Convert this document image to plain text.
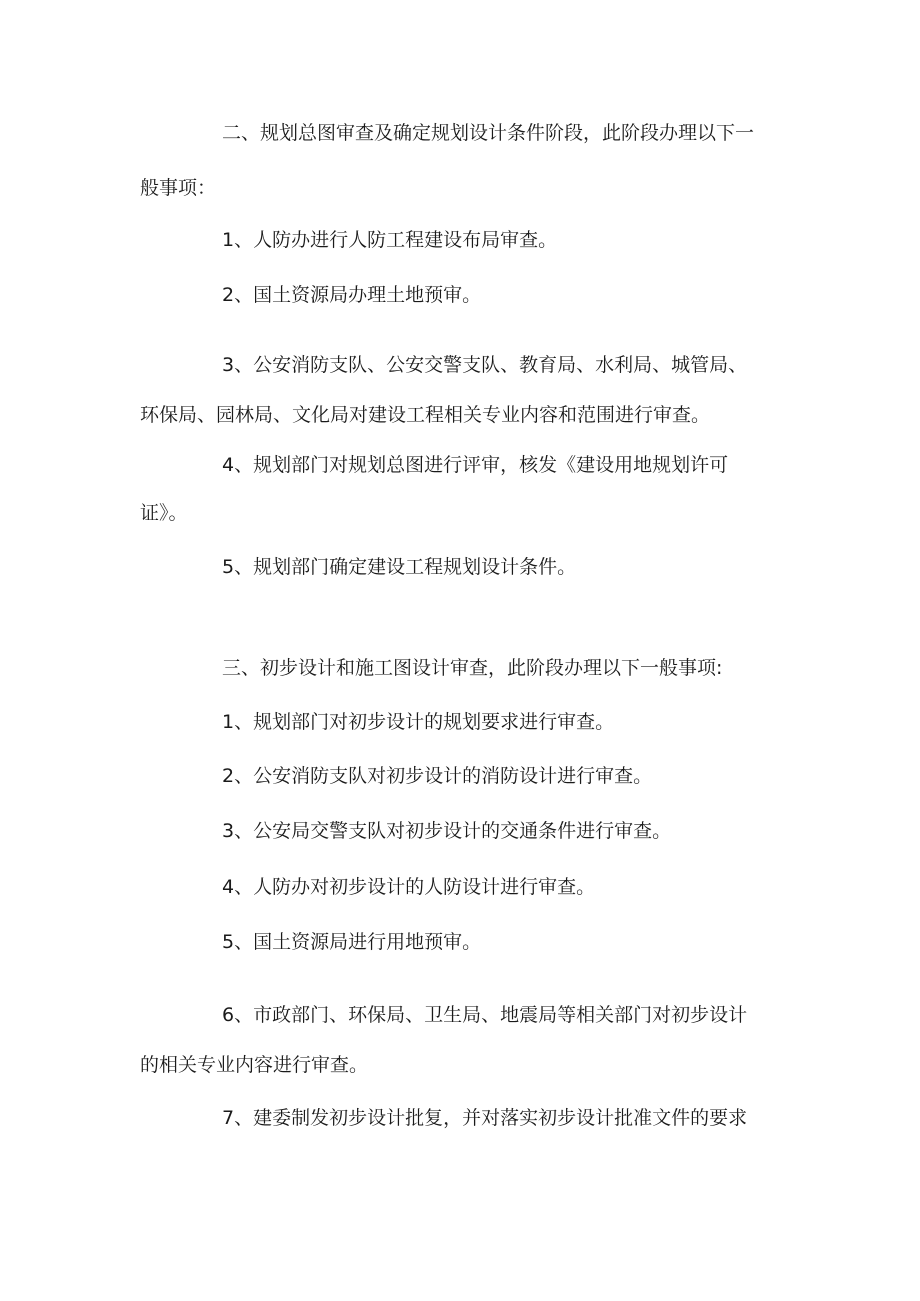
二、规划总图审查及确定规划设计条件阶段，此阶段办理以下一

般事项：

1、人防办进行人防工程建设布局审查。

2、国土资源局办理土地预审。

3、公安消防支队、公安交警支队、教育局、水利局、城管局、

环保局、园林局、文化局对建设工程相关专业内容和范围进行审查。

4、规划部门对规划总图进行评审，核发《建设用地规划许可

证》。

5、规划部门确定建设工程规划设计条件。

三、初步设计和施工图设计审查，此阶段办理以下一般事项:

1、规划部门对初步设计的规划要求进行审查。

2、公安消防支队对初步设计的消防设计进行审查。

3、公安局交警支队对初步设计的交通条件进行审查。

4、人防办对初步设计的人防设计进行审查。

5、国土资源局进行用地预审。

6、市政部门、环保局、卫生局、地震局等相关部门对初步设计

的相关专业内容进行审查。

7、建委制发初步设计批复，并对落实初步设计批准文件的要求
